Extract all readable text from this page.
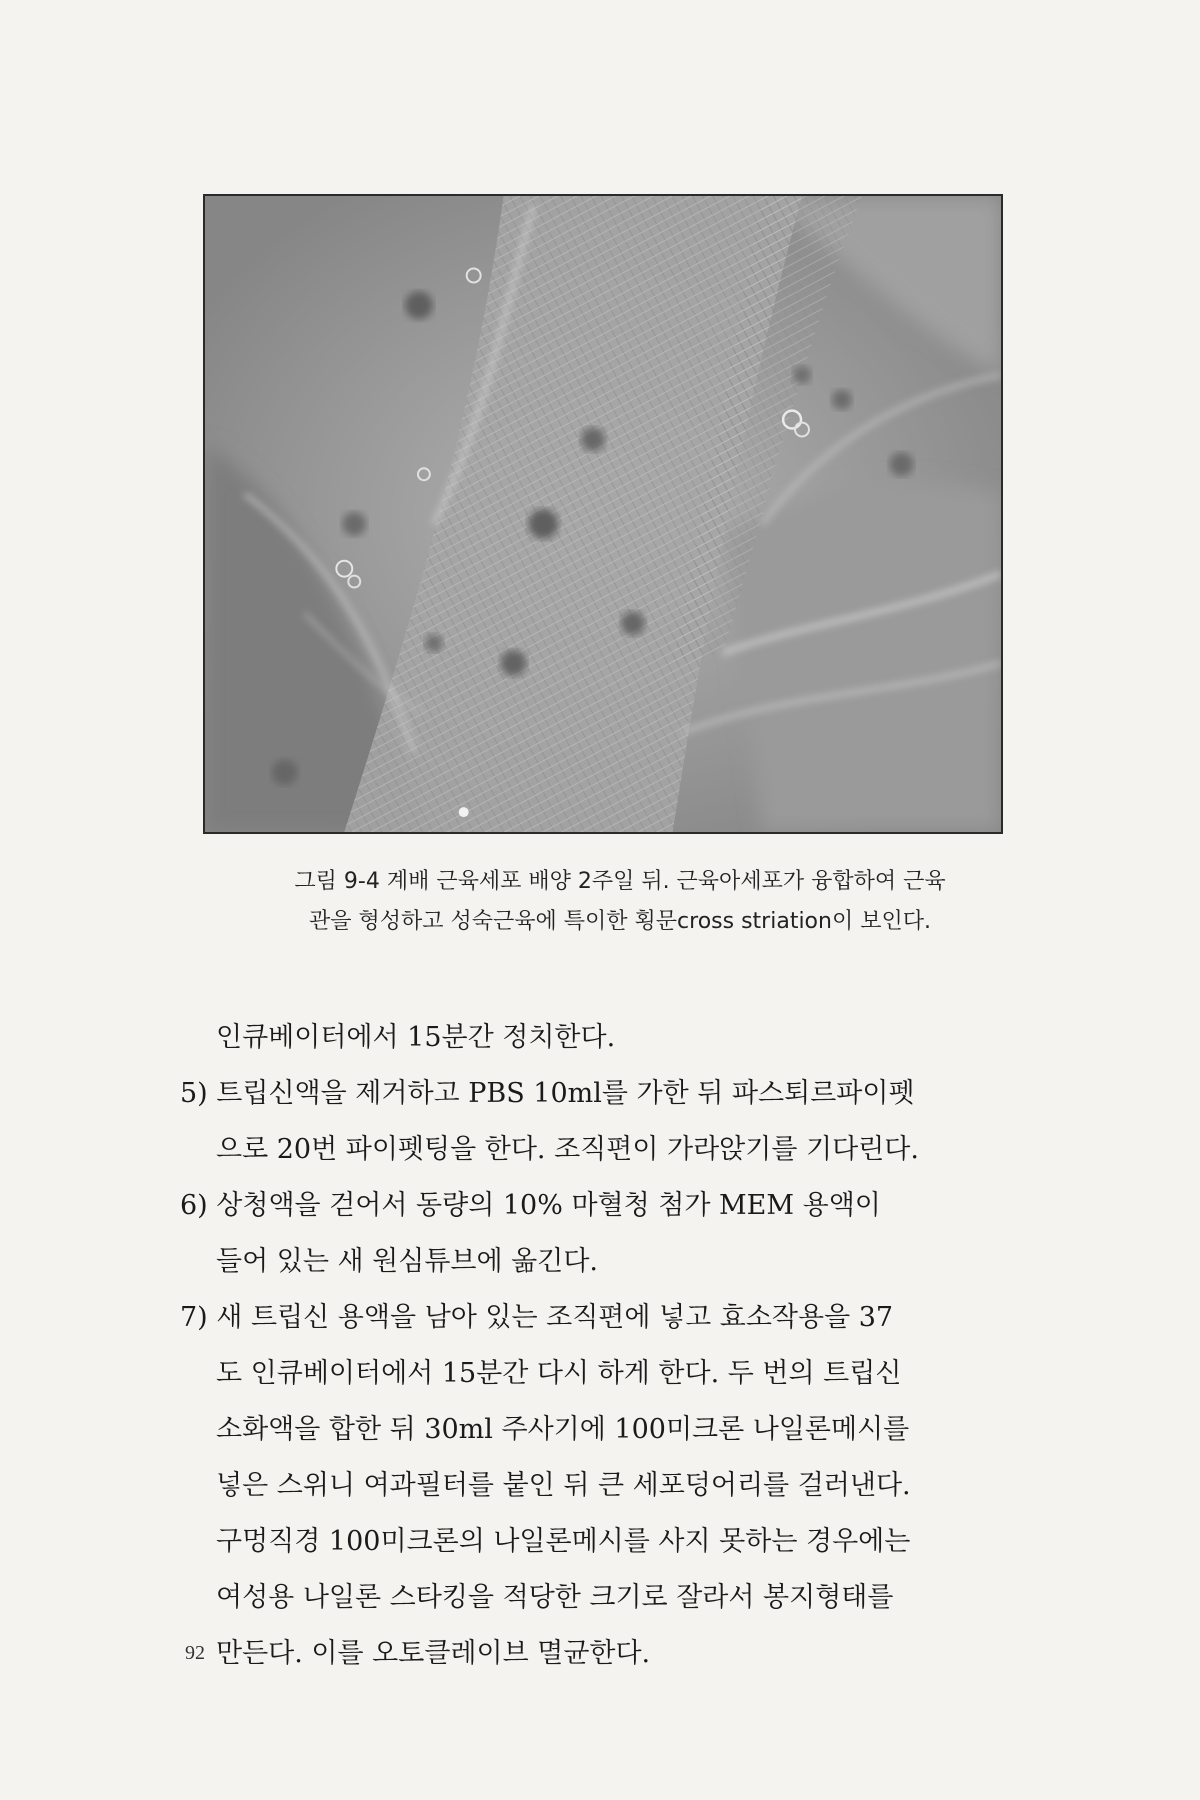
그림 9-4 계배 근육세포 배양 2주일 뒤. 근육아세포가 융합하여 근육
관을 형성하고 성숙근육에 특이한 횡문cross striation이 보인다.
인큐베이터에서 15분간 정치한다.
5) 트립신액을 제거하고 PBS 10ml를 가한 뒤 파스퇴르파이펫
으로 20번 파이펫팅을 한다. 조직편이 가라앉기를 기다린다.
6) 상청액을 걷어서 동량의 10% 마혈청 첨가 MEM 용액이
들어 있는 새 원심튜브에 옮긴다.
7) 새 트립신 용액을 남아 있는 조직편에 넣고 효소작용을 37
도 인큐베이터에서 15분간 다시 하게 한다. 두 번의 트립신
소화액을 합한 뒤 30ml 주사기에 100미크론 나일론메시를
넣은 스위니 여과필터를 붙인 뒤 큰 세포덩어리를 걸러낸다.
구멍직경 100미크론의 나일론메시를 사지 못하는 경우에는
여성용 나일론 스타킹을 적당한 크기로 잘라서 봉지형태를
만든다. 이를 오토클레이브 멸균한다.
92
